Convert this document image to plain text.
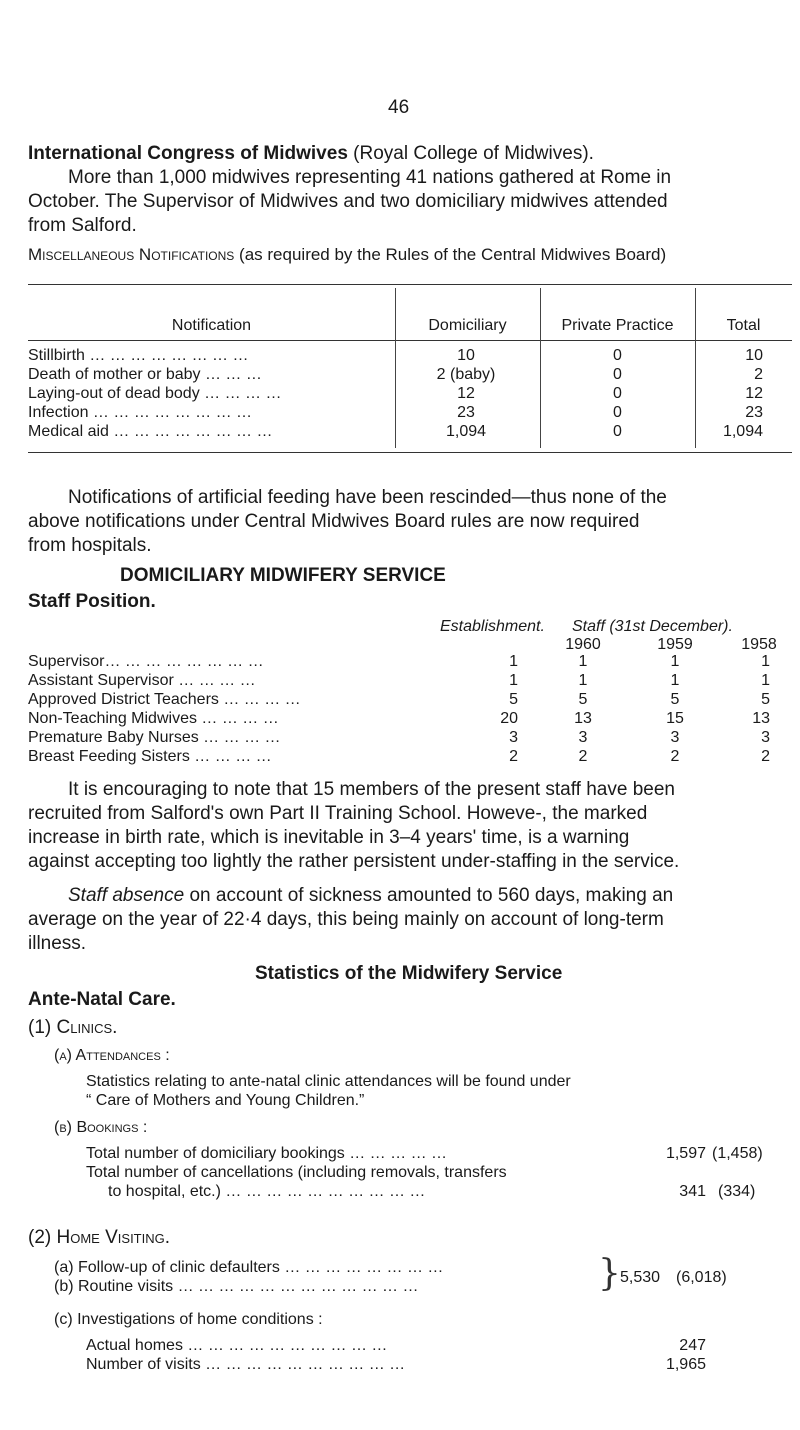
46
International Congress of Midwives (Royal College of Midwives).
More than 1,000 midwives representing 41 nations gathered at Rome in
October. The Supervisor of Midwives and two domiciliary midwives attended
from Salford.
Miscellaneous Notifications (as required by the Rules of the Central Midwives Board)
Notification	Domiciliary	Private Practice	Total
Stillbirth … … … … … … … …	10	0	10
Death of mother or baby … … …	2 (baby)	0	2
Laying-out of dead body … … … …	12	0	12
Infection … … … … … … … …	23	0	23
Medical aid … … … … … … … …	1,094	0	1,094
Notifications of artificial feeding have been rescinded—thus none of the
above notifications under Central Midwives Board rules are now required
from hospitals.
DOMICILIARY MIDWIFERY SERVICE
Staff Position.
Establishment. Staff (31st December).
1960	1959	1958
Supervisor… … … … … … … …	1	1	1	1
Assistant Supervisor … … … …	1	1	1	1
Approved District Teachers … … … …	5	5	5	5
Non-Teaching Midwives … … … …	20	13	15	13
Premature Baby Nurses … … … …	3	3	3	3
Breast Feeding Sisters … … … …	2	2	2	2
It is encouraging to note that 15 members of the present staff have been
recruited from Salford's own Part II Training School. Howeve-, the marked
increase in birth rate, which is inevitable in 3–4 years' time, is a warning
against accepting too lightly the rather persistent under-staffing in the service.
Staff absence on account of sickness amounted to 560 days, making an
average on the year of 22·4 days, this being mainly on account of long-term
illness.
Statistics of the Midwifery Service
Ante-Natal Care.
(1) Clinics.
(a) Attendances :
Statistics relating to ante-natal clinic attendances will be found under
“ Care of Mothers and Young Children.”
(b) Bookings :
Total number of domiciliary bookings … … … … …	1,597 (1,458)
Total number of cancellations (including removals, transfers
to hospital, etc.) … … … … … … … … … …	341 (334)
(2) Home Visiting.
(a) Follow-up of clinic defaulters … … … … … … … …
(b) Routine visits … … … … … … … … … … … …	} 5,530 (6,018)
(c) Investigations of home conditions :
Actual homes … … … … … … … … … …	247
Number of visits … … … … … … … … … …	1,965
